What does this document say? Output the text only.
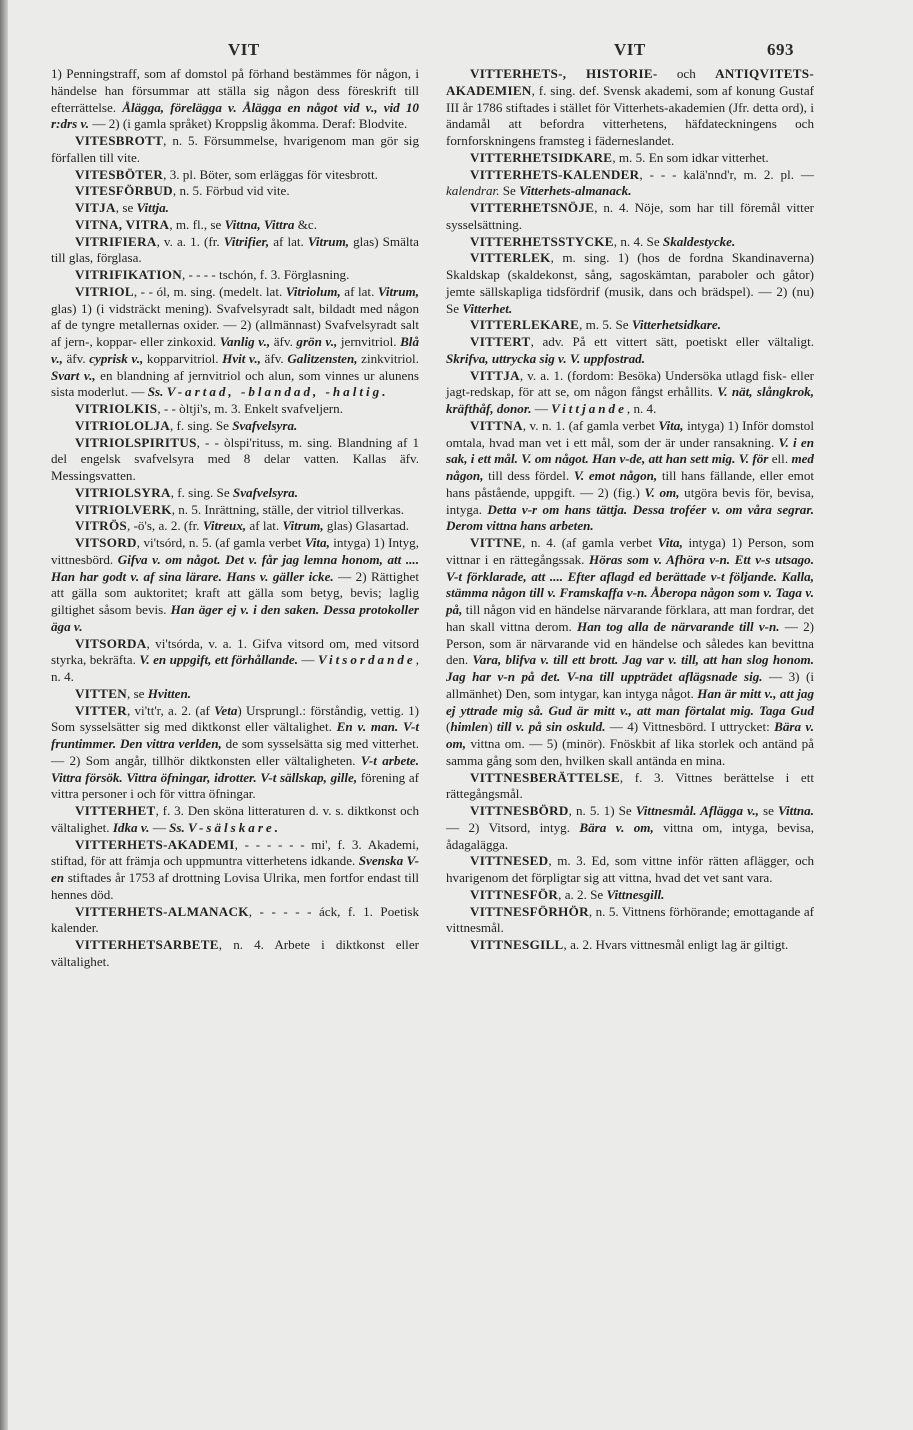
VIT	VIT	693

1) Penningstraff, som af domstol på förhand bestämmes för någon, i händelse han försummar att ställa sig någon dess föreskrift till efterrättelse. Ålägga, förelägga v. Ålägga en något vid v., vid 10 r:drs v. — 2) (i gamla språket) Kroppslig åkomma. Deraf: Blodvite.

VITESBROTT, n. 5. Försummelse, hvarigenom man gör sig förfallen till vite.

VITESBÖTER, 3. pl. Böter, som erläggas för vitesbrott.

VITESFÖRBUD, n. 5. Förbud vid vite.

VITJA, se Vittja.

VITNA, VITRA, m. fl., se Vittna, Vittra &c.

VITRIFIERA, v. a. 1. (fr. Vitrifier, af lat. Vitrum, glas) Smälta till glas, förglasa.

VITRIFIKATION, - - - - tschón, f. 3. Förglasning.

VITRIOL, - - ól, m. sing. (medelt. lat. Vitriolum, af lat. Vitrum, glas) 1) (i vidsträckt mening). Svafvelsyradt salt, bildadt med någon af de tyngre metallernas oxider. — 2) (allmännast) Svafvelsyradt salt af jern-, koppar- eller zinkoxid. Vanlig v., äfv. grön v., jernvitriol. Blå v., äfv. cyprisk v., kopparvitriol. Hvit v., äfv. Galitzensten, zinkvitriol. Svart v., en blandning af jernvitriol och alun, som vinnes ur alunens sista moderlut. — Ss. V-artad, -blandad, -haltig.

VITRIOLKIS, - - òltji's, m. 3. Enkelt svafveljern.

VITRIOLOLJA, f. sing. Se Svafvelsyra.

VITRIOLSPIRITUS, - - òlspi'rituss, m. sing. Blandning af 1 del engelsk svafvelsyra med 8 delar vatten. Kallas äfv. Messingsvatten.

VITRIOLSYRA, f. sing. Se Svafvelsyra.

VITRIOLVERK, n. 5. Inrättning, ställe, der vitriol tillverkas.

VITRÖS, -ö's, a. 2. (fr. Vitreux, af lat. Vitrum, glas) Glasartad.

VITSORD, vi'tsórd, n. 5. (af gamla verbet Vita, intyga) 1) Intyg, vittnesbörd. Gifva v. om något. Det v. får jag lemna honom, att .... Han har godt v. af sina lärare. Hans v. gäller icke. — 2) Rättighet att gälla som auktoritet; kraft att gälla som betyg, bevis; laglig giltighet såsom bevis. Han äger ej v. i den saken. Dessa protokoller äga v.

VITSORDA, vi'tsórda, v. a. 1. Gifva vitsord om, med vitsord styrka, bekräfta. V. en uppgift, ett förhållande. — Vitsordande, n. 4.

VITTEN, se Hvitten.

VITTER, vi'tt'r, a. 2. (af Veta) Ursprungl.: förståndig, vettig. 1) Som sysselsätter sig med diktkonst eller vältalighet. En v. man. V-t fruntimmer. Den vittra verlden, de som sysselsätta sig med vitterhet. — 2) Som angår, tillhör diktkonsten eller vältaligheten. V-t arbete. Vittra försök. Vittra öfningar, idrotter. V-t sällskap, gille, förening af vittra personer i och för vittra öfningar.

VITTERHET, f. 3. Den sköna litteraturen d. v. s. diktkonst och vältalighet. Idka v. — Ss. V-sälskare.

VITTERHETS-AKADEMI, - - - - - - mi', f. 3. Akademi, stiftad, för att främja och uppmuntra vitterhetens idkande. Svenska V-en stiftades år 1753 af drottning Lovisa Ulrika, men fortfor endast till hennes död.

VITTERHETS-ALMANACK, - - - - - áck, f. 1. Poetisk kalender.

VITTERHETSARBETE, n. 4. Arbete i diktkonst eller vältalighet.

VITTERHETS-, HISTORIE- och ANTIQVITETS-AKADEMIEN, f. sing. def. Svensk akademi, som af konung Gustaf III år 1786 stiftades i stället för Vitterhets-akademien (Jfr. detta ord), i ändamål att befordra vitterhetens, häfdateckningens och fornforskningens framsteg i fäderneslandet.

VITTERHETSIDKARE, m. 5. En som idkar vitterhet.

VITTERHETS-KALENDER, - - - kalä'nnd'r, m. 2. pl. — kalendrar. Se Vitterhets-almanack.

VITTERHETSNÖJE, n. 4. Nöje, som har till föremål vitter sysselsättning.

VITTERHETSSTYCKE, n. 4. Se Skaldestycke.

VITTERLEK, m. sing. 1) (hos de fordna Skandinaverna) Skaldskap (skaldekonst, sång, sagoskämtan, paraboler och gåtor) jemte sällskapliga tidsfördrif (musik, dans och brädspel). — 2) (nu) Se Vitterhet.

VITTERLEKARE, m. 5. Se Vitterhetsidkare.

VITTERT, adv. På ett vittert sätt, poetiskt eller vältaligt. Skrifva, uttrycka sig v. V. uppfostrad.

VITTJA, v. a. 1. (fordom: Besöka) Undersöka utlagd fisk- eller jagt-redskap, för att se, om någon fångst erhållits. V. nät, slångkrok, kräfthåf, donor. — Vittjande, n. 4.

VITTNA, v. n. 1. (af gamla verbet Vita, intyga) 1) Inför domstol omtala, hvad man vet i ett mål, som der är under ransakning. V. i en sak, i ett mål. V. om något. Han v-de, att han sett mig. V. för ell. med någon, till dess fördel. V. emot någon, till hans fällande, eller emot hans påstående, uppgift. — 2) (fig.) V. om, utgöra bevis för, bevisa, intyga. Detta v-r om hans tättja. Dessa troféer v. om våra segrar. Derom vittna hans arbeten.

VITTNE, n. 4. (af gamla verbet Vita, intyga) 1) Person, som vittnar i en rättegångssak. Höras som v. Afhöra v-n. Ett v-s utsago. V-t förklarade, att .... Efter aflagd ed berättade v-t följande. Kalla, stämma någon till v. Framskaffa v-n. Åberopa någon som v. Taga v. på, till någon vid en händelse närvarande förklara, att man fordrar, det han skall vittna derom. Han tog alla de närvarande till v-n. — 2) Person, som är närvarande vid en händelse och således kan bevittna den. Vara, blifva v. till ett brott. Jag var v. till, att han slog honom. Jag har v-n på det. V-na till uppträdet aflägsnade sig. — 3) (i allmänhet) Den, som intygar, kan intyga något. Han är mitt v., att jag ej yttrade mig så. Gud är mitt v., att man förtalat mig. Taga Gud (himlen) till v. på sin oskuld. — 4) Vittnesbörd. I uttrycket: Bära v. om, vittna om. — 5) (minör). Fnöskbit af lika storlek och antänd på samma gång som den, hvilken skall antända en mina.

VITTNESBERÄTTELSE, f. 3. Vittnes berättelse i ett rättegångsmål.

VITTNESBÖRD, n. 5. 1) Se Vittnesmål. Aflägga v., se Vittna. — 2) Vitsord, intyg. Bära v. om, vittna om, intyga, bevisa, ådagalägga.

VITTNESED, m. 3. Ed, som vittne inför rätten aflägger, och hvarigenom det förpligtar sig att vittna, hvad det vet sant vara.

VITTNESFÖR, a. 2. Se Vittnesgill.

VITTNESFÖRHÖR, n. 5. Vittnens förhörande; emottagande af vittnesmål.

VITTNESGILL, a. 2. Hvars vittnesmål enligt lag är giltigt.
